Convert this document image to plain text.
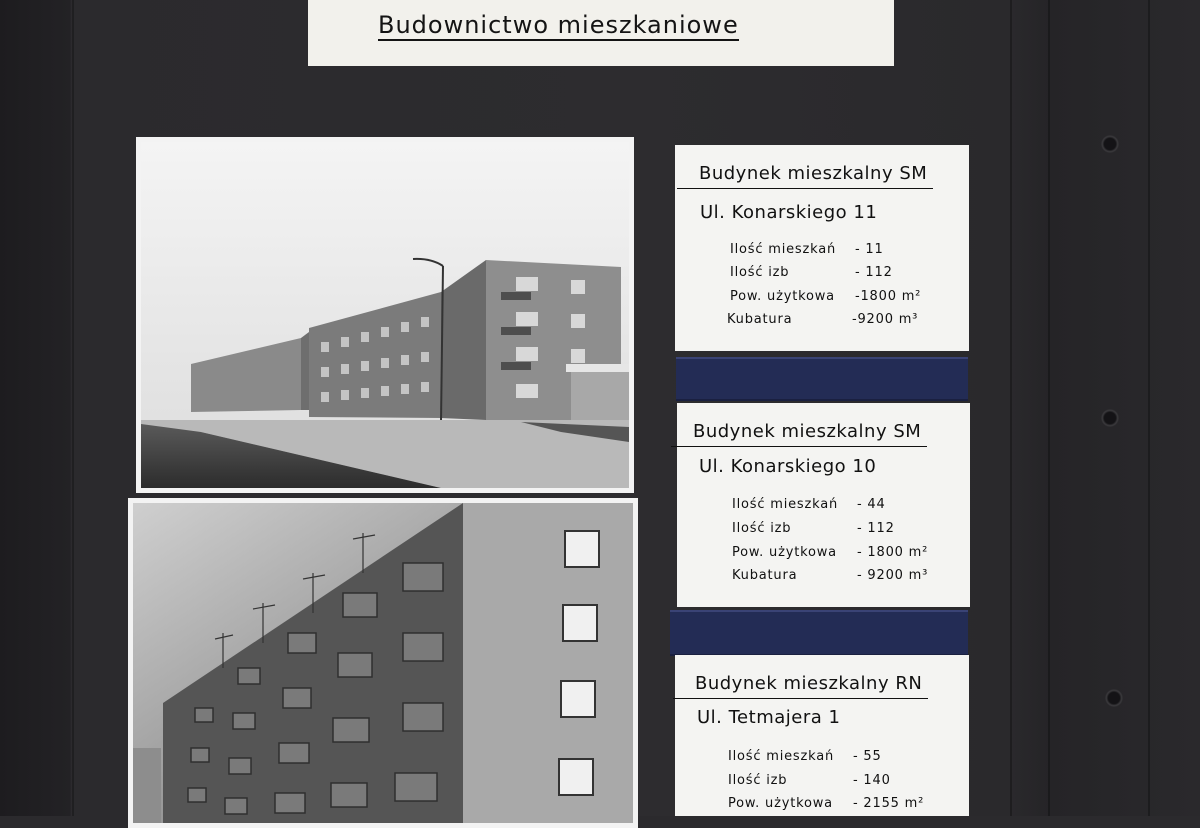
Budownictwo mieszkaniowe
Budynek mieszkalny SM
Ul. Konarskiego 11
Ilość mieszkań - 11
Ilość izb	- 112
Pow. użytkowa -1800 m²
Kubatura	-9200 m³
Budynek mieszkalny SM
Ul. Konarskiego 10
Ilość mieszkań - 44
Ilość izb	- 112
Pow. użytkowa - 1800 m²
Kubatura	- 9200 m³
Budynek mieszkalny RN
Ul. Tetmajera 1
Ilość mieszkań - 55
Ilość izb	- 140
Pow. użytkowa - 2155 m²
